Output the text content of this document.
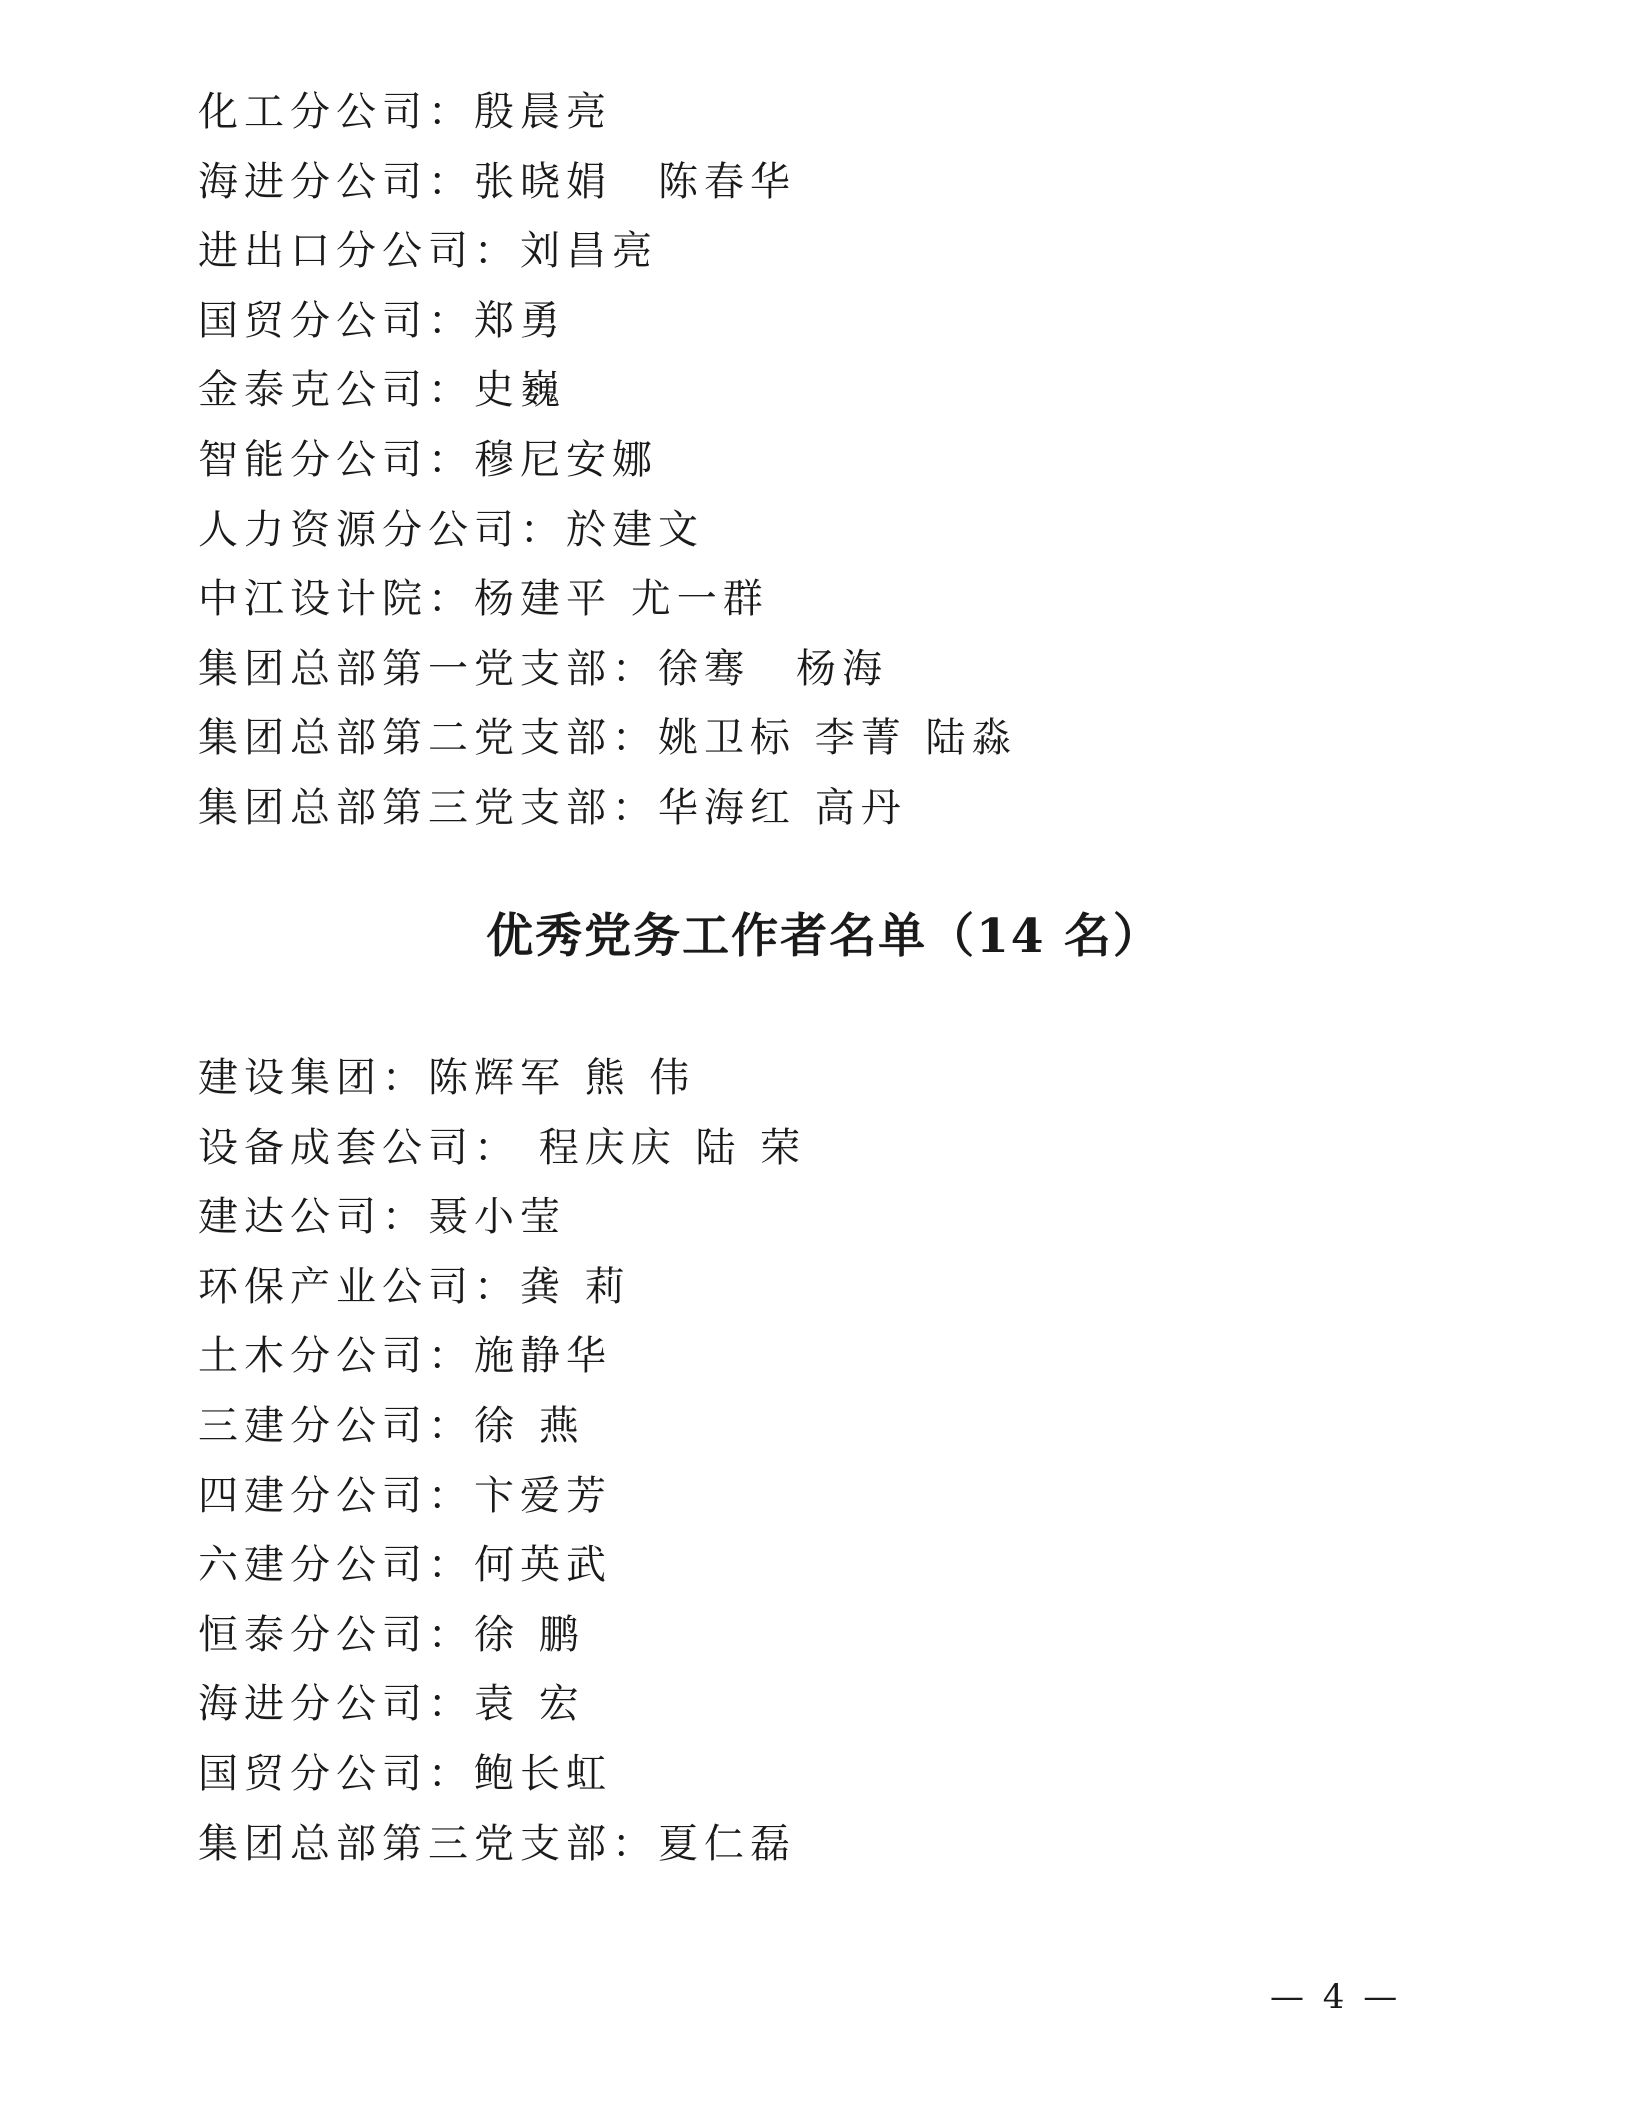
化工分公司：殷晨亮
海进分公司：张晓娟　陈春华
进出口分公司：刘昌亮
国贸分公司：郑勇
金泰克公司：史巍
智能分公司：穆尼安娜
人力资源分公司：於建文
中江设计院：杨建平 尤一群
集团总部第一党支部：徐骞　杨海
集团总部第二党支部：姚卫标 李菁 陆淼
集团总部第三党支部：华海红 高丹
优秀党务工作者名单（14 名）
建设集团：陈辉军 熊 伟
设备成套公司： 程庆庆 陆 荣
建达公司：聂小莹
环保产业公司：龚 莉
土木分公司：施静华
三建分公司：徐 燕
四建分公司：卞爱芳
六建分公司：何英武
恒泰分公司：徐 鹏
海进分公司：袁 宏
国贸分公司：鲍长虹
集团总部第三党支部：夏仁磊
— 4 —
